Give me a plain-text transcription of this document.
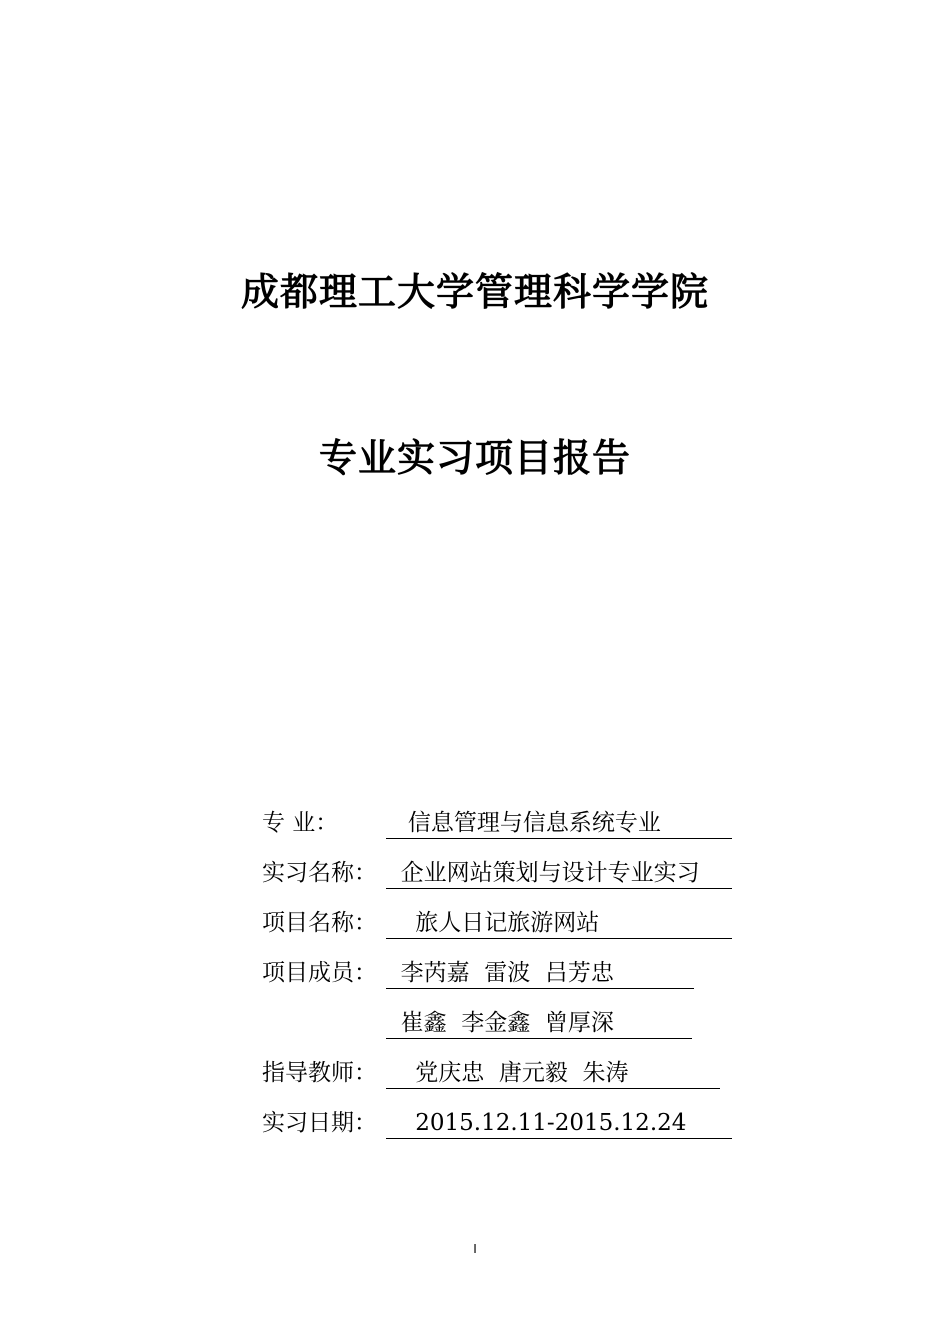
成都理工大学管理科学学院
专业实习项目报告
专 业：	信息管理与信息系统专业
实习名称： 企业网站策划与设计专业实习
项目名称： 旅人日记旅游网站
项目成员： 李芮嘉  雷波  吕芳忠
崔鑫  李金鑫  曾厚深
指导教师： 党庆忠  唐元毅  朱涛
实习日期： 2015.12.11-2015.12.24
I
